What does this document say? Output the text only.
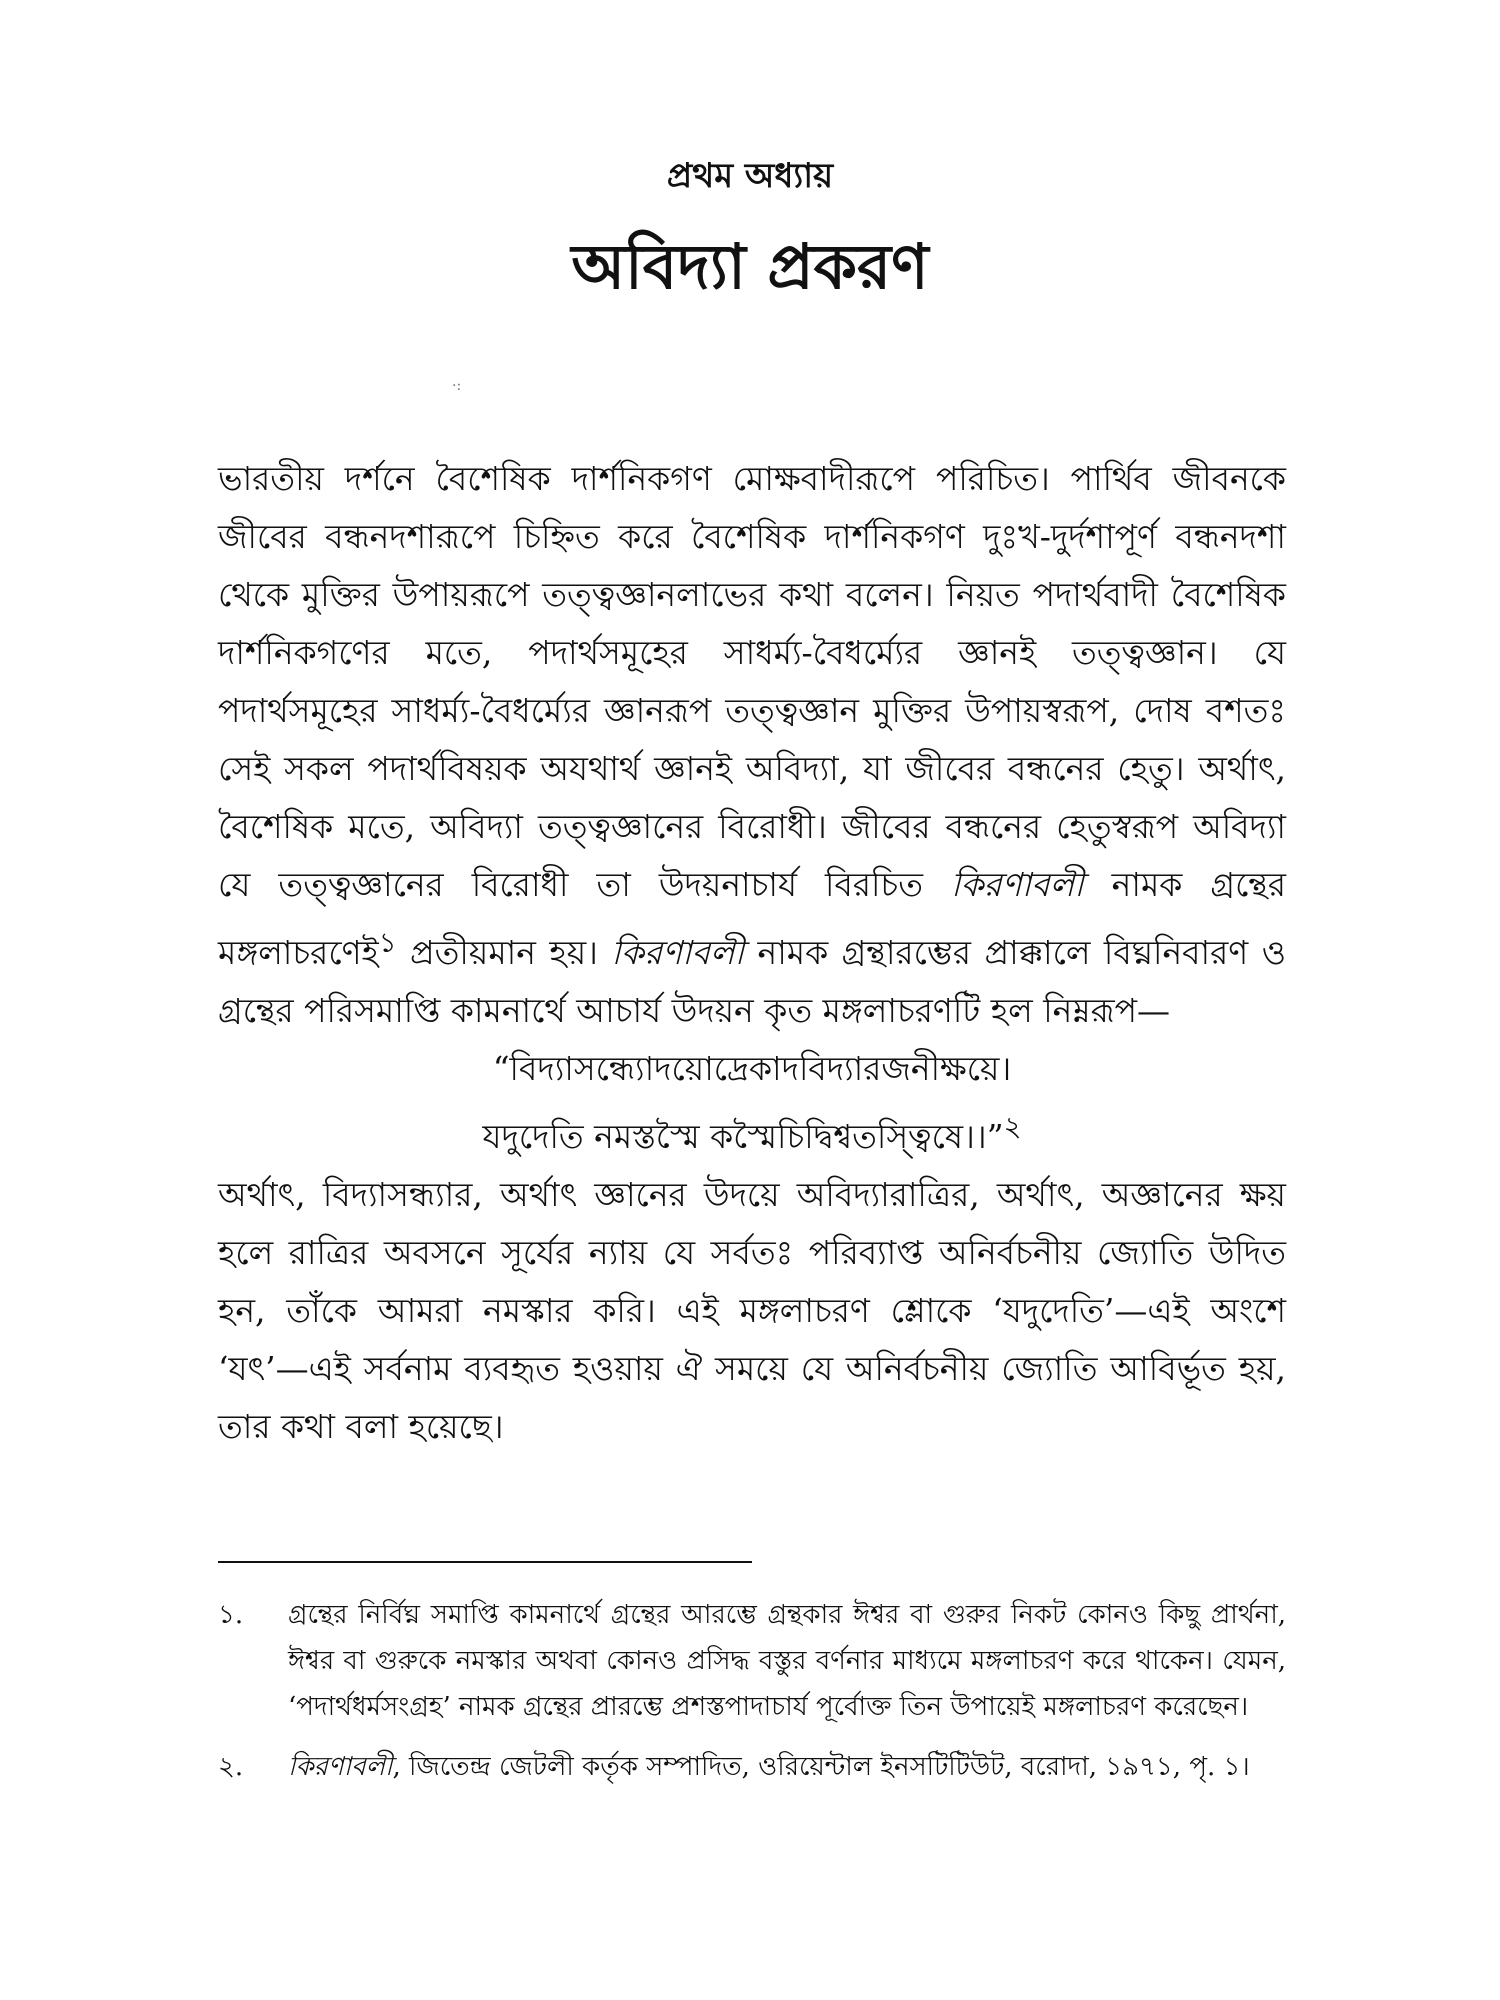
প্রথম অধ্যায়
অবিদ্যা প্রকরণ
·:

ভারতীয় দর্শনে বৈশেষিক দার্শনিকগণ মোক্ষবাদীরূপে পরিচিত। পার্থিব জীবনকে জীবের বন্ধনদশারূপে চিহ্নিত করে বৈশেষিক দার্শনিকগণ দুঃখ-দুর্দশাপূর্ণ বন্ধনদশা থেকে মুক্তির উপায়রূপে তত্ত্বজ্ঞানলাভের কথা বলেন। নিয়ত পদার্থবাদী বৈশেষিক দার্শনিকগণের মতে, পদার্থসমূহের সাধর্ম্য-বৈধর্ম্যের জ্ঞানই তত্ত্বজ্ঞান। যে পদার্থসমূহের সাধর্ম্য-বৈধর্ম্যের জ্ঞানরূপ তত্ত্বজ্ঞান মুক্তির উপায়স্বরূপ, দোষ বশতঃ সেই সকল পদার্থবিষয়ক অযথার্থ জ্ঞানই অবিদ্যা, যা জীবের বন্ধনের হেতু। অর্থাৎ, বৈশেষিক মতে, অবিদ্যা তত্ত্বজ্ঞানের বিরোধী। জীবের বন্ধনের হেতুস্বরূপ অবিদ্যা যে তত্ত্বজ্ঞানের বিরোধী তা উদয়নাচার্য বিরচিত কিরণাবলী নামক গ্রন্থের মঙ্গলাচরণেই$^১$ প্রতীয়মান হয়। কিরণাবলী নামক গ্রন্থারম্ভের প্রাক্কালে বিঘ্ননিবারণ ও গ্রন্থের পরিসমাপ্তি কামনার্থে আচার্য উদয়ন কৃত মঙ্গলাচরণটি হল নিম্নরূপ—

“বিদ্যাসন্ধ্যোদয়োদ্রেকাদবিদ্যারজনীক্ষয়ে।
যদুদেতি নমস্তস্মৈ কস্মৈচিদ্বিশ্বতস্ত্বিষে।।”$^২$

অর্থাৎ, বিদ্যাসন্ধ্যার, অর্থাৎ জ্ঞানের উদয়ে অবিদ্যারাত্রির, অর্থাৎ, অজ্ঞানের ক্ষয় হলে রাত্রির অবসনে সূর্যের ন্যায় যে সর্বতঃ পরিব্যাপ্ত অনির্বচনীয় জ্যোতি উদিত হন, তাঁকে আমরা নমস্কার করি। এই মঙ্গলাচরণ শ্লোকে ‘যদুদেতি’—এই অংশে ‘যৎ’—এই সর্বনাম ব্যবহৃত হওয়ায় ঐ সময়ে যে অনির্বচনীয় জ্যোতি আবির্ভূত হয়, তার কথা বলা হয়েছে।

১.	গ্রন্থের নির্বিঘ্ন সমাপ্তি কামনার্থে গ্রন্থের আরম্ভে গ্রন্থকার ঈশ্বর বা গুরুর নিকট কোনও কিছু প্রার্থনা, ঈশ্বর বা গুরুকে নমস্কার অথবা কোনও প্রসিদ্ধ বস্তুর বর্ণনার মাধ্যমে মঙ্গলাচরণ করে থাকেন। যেমন, ‘পদার্থধর্মসংগ্রহ’ নামক গ্রন্থের প্রারম্ভে প্রশস্তপাদাচার্য পূর্বোক্ত তিন উপায়েই মঙ্গলাচরণ করেছেন।
২.	কিরণাবলী, জিতেন্দ্র জেটলী কর্তৃক সম্পাদিত, ওরিয়েন্টাল ইনসটিটিউট, বরোদা, ১৯৭১, পৃ. ১।
